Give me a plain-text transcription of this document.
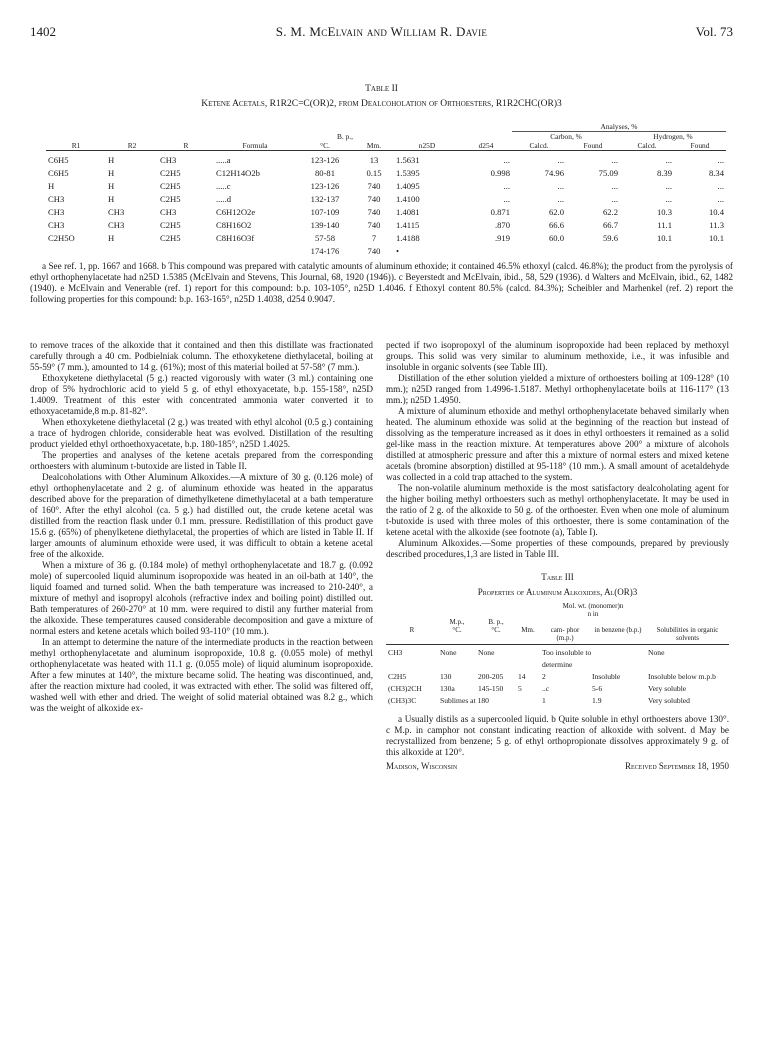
1402	S. M. McElvain and William R. Davie	Vol. 73
Table II
Ketene Acetals, R1R2C=C(OR)2, from Dealcoholation of Orthoesters, R1R2CHC(OR)3
								Analyses, %			
				B. p.,				Carbon, %		Hydrogen, %	
R1	R2	R	Formula	°C.	Mm.	n25D	d254	Calcd.	Found	Calcd.	Found
C6H5	H	CH3	.....a	123-126	13	1.5631	...	...	...	...	...
C6H5	H	C2H5	C12H14O2b	80-81	0.15	1.5395	0.998	74.96	75.09	8.39	8.34
H	H	C2H5	.....c	123-126	740	1.4095	...	...	...	...	...
CH3	H	C2H5	.....d	132-137	740	1.4100	...	...	...	...	...
CH3	CH3	CH3	C6H12O2e	107-109	740	1.4081	0.871	62.0	62.2	10.3	10.4
CH3	CH3	C2H5	C8H16O2	139-140	740	1.4115	.870	66.6	66.7	11.1	11.3
C2H5O	H	C2H5	C8H16O3f	57-58	7	1.4188	.919	60.0	59.6	10.1	10.1
				174-176	740	•					

a See ref. 1, pp. 1667 and 1668. b This compound was prepared with catalytic amounts of aluminum ethoxide; it contained 46.5% ethoxyl (calcd. 46.8%); the product from the pyrolysis of ethyl orthophenylacetate had n25D 1.5385 (McElvain and Stevens, This Journal, 68, 1920 (1946)). c Beyerstedt and McElvain, ibid., 58, 529 (1936). d Walters and McElvain, ibid., 62, 1482 (1940). e McElvain and Venerable (ref. 1) report for this compound: b.p. 103-105°, n25D 1.4046. f Ethoxyl content 80.5% (calcd. 84.3%); Scheibler and Marhenkel (ref. 2) report the following properties for this compound: b.p. 163-165°, n25D 1.4038, d254 0.9047.

to remove traces of the alkoxide that it contained and then this distillate was fractionated carefully through a 40 cm. Podbielniak column. The ethoxyketene diethylacetal, boiling at 55-59° (7 mm.), amounted to 14 g. (61%); most of this material boiled at 57-58° (7 mm.).

Ethoxyketene diethylacetal (5 g.) reacted vigorously with water (3 ml.) containing one drop of 5% hydrochloric acid to yield 5 g. of ethyl ethoxyacetate, b.p. 155-158°, n25D 1.4009. Treatment of this ester with concentrated ammonia water converted it to ethoxyacetamide,8 m.p. 81-82°.

When ethoxyketene diethylacetal (2 g.) was treated with ethyl alcohol (0.5 g.) containing a trace of hydrogen chloride, considerable heat was evolved. Distillation of the resulting product yielded ethyl orthoethoxyacetate, b.p. 180-185°, n25D 1.4025.

The properties and analyses of the ketene acetals prepared from the corresponding orthoesters with aluminum t-butoxide are listed in Table II.

Dealcoholations with Other Aluminum Alkoxides.—A mixture of 30 g. (0.126 mole) of ethyl orthophenylacetate and 2 g. of aluminum ethoxide was heated in the apparatus described above for the preparation of dimethylketene dimethylacetal at a bath temperature of 160°. After the ethyl alcohol (ca. 5 g.) had distilled out, the crude ketene acetal was distilled from the reaction flask under 0.1 mm. pressure. Redistillation of this product gave 15.6 g. (65%) of phenylketene diethylacetal, the properties of which are listed in Table II. If larger amounts of aluminum ethoxide were used, it was difficult to obtain a ketene acetal free of the alkoxide.

When a mixture of 36 g. (0.184 mole) of methyl orthophenylacetate and 18.7 g. (0.092 mole) of supercooled liquid aluminum isopropoxide was heated in an oil-bath at 140°, the liquid foamed and turned solid. When the bath temperature was increased to 210-240°, a mixture of methyl and isopropyl alcohols (refractive index and boiling point) distilled out. Bath temperatures of 260-270° at 10 mm. were required to distil any further material from the alkoxide. These temperatures caused considerable decomposition and gave a mixture of normal esters and ketene acetals which boiled 93-110° (10 mm.).

In an attempt to determine the nature of the intermediate products in the reaction between methyl orthophenylacetate and aluminum isopropoxide, 10.8 g. (0.055 mole) of methyl orthophenylacetate was heated with 11.1 g. (0.055 mole) of liquid aluminum isopropoxide. After a few minutes at 140°, the mixture became solid. The heating was discontinued, and, after the reaction mixture had cooled, it was extracted with ether. The solid was filtered off, washed well with ether and dried. The weight of solid material obtained was 8.2 g., which was the weight of alkoxide ex-

pected if two isopropoxyl of the aluminum isopropoxide had been replaced by methoxyl groups. This solid was very similar to aluminum methoxide, i.e., it was infusible and insoluble in organic solvents (see Table III).

Distillation of the ether solution yielded a mixture of orthoesters boiling at 109-128° (10 mm.); n25D ranged from 1.4996-1.5187. Methyl orthophenylacetate boils at 116-117° (13 mm.); n25D 1.4950.

A mixture of aluminum ethoxide and methyl orthophenylacetate behaved similarly when heated. The aluminum ethoxide was solid at the beginning of the reaction but instead of dissolving as the temperature increased as it does in ethyl orthoesters it remained as a solid gel-like mass in the reaction mixture. At temperatures above 200° a mixture of alcohols distilled at atmospheric pressure and after this a mixture of normal esters and mixed ketene acetals (bromine absorption) distilled at 95-118° (10 mm.). A small amount of acetaldehyde was collected in a cold trap attached to the system.

The non-volatile aluminum methoxide is the most satisfactory dealcoholating agent for the higher boiling methyl orthoesters such as methyl orthophenylacetate. It may be used in the ratio of 2 g. of the alkoxide to 50 g. of the orthoester. Even when one mole of aluminum t-butoxide is used with three moles of this orthoester, there is some contamination of the ketene acetal with the alkoxide (see footnote (a), Table I).

Aluminum Alkoxides.—Some properties of these compounds, prepared by previously described procedures,1,3 are listed in Table III.

Table III
Properties of Aluminum Alkoxides, Al(OR)3
				Mol. wt. (monomer)n		
				n in		
	M.p.,	B. p.,				
R	°C.	°C.	Mm.	cam- phor (m.p.)	in benzene (b.p.)	Solubilities in organic solvents
CH3	None	None		Too insoluble to		None
				determine		
C2H5	130	200-205	14	2	Insoluble	Insoluble below m.p.b
(CH3)2CH	130a	145-150	5	..c	5-6	Very soluble
(CH3)3C	Sublimes at 180			1	1.9	Very solubled

a Usually distils as a supercooled liquid. b Quite soluble in ethyl orthoesters above 130°. c M.p. in camphor not constant indicating reaction of alkoxide with solvent. d May be recrystallized from benzene; 5 g. of ethyl orthopropionate dissolves approximately 9 g. of this alkoxide at 120°.

Madison, Wisconsin	Received September 18, 1950
